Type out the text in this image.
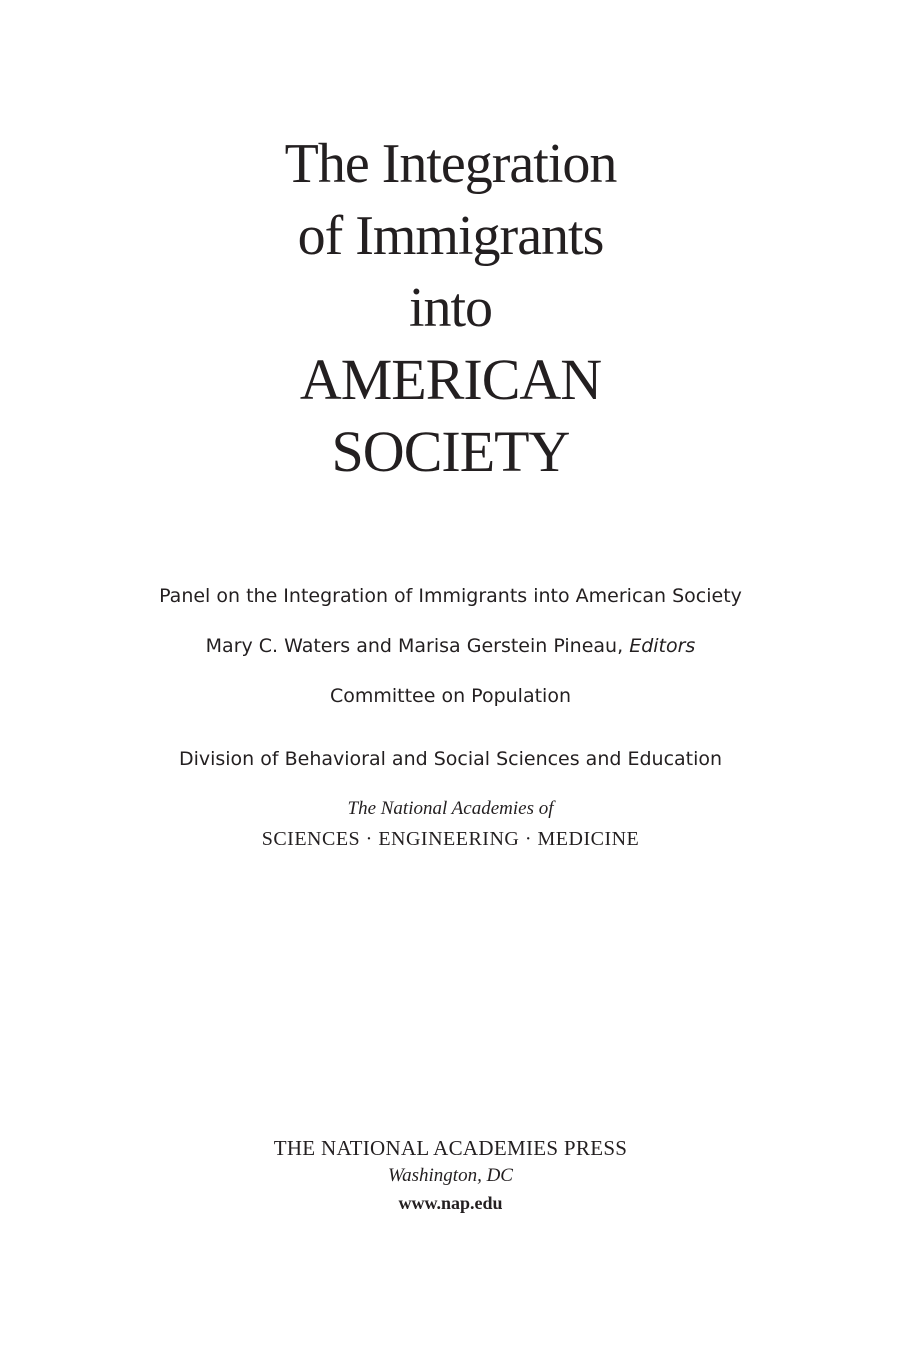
The Integration
of Immigrants
into
AMERICAN
SOCIETY
Panel on the Integration of Immigrants into American Society
Mary C. Waters and Marisa Gerstein Pineau, Editors
Committee on Population
Division of Behavioral and Social Sciences and Education
The National Academies of
SCIENCES · ENGINEERING · MEDICINE
THE NATIONAL ACADEMIES PRESS
Washington, DC
www.nap.edu
